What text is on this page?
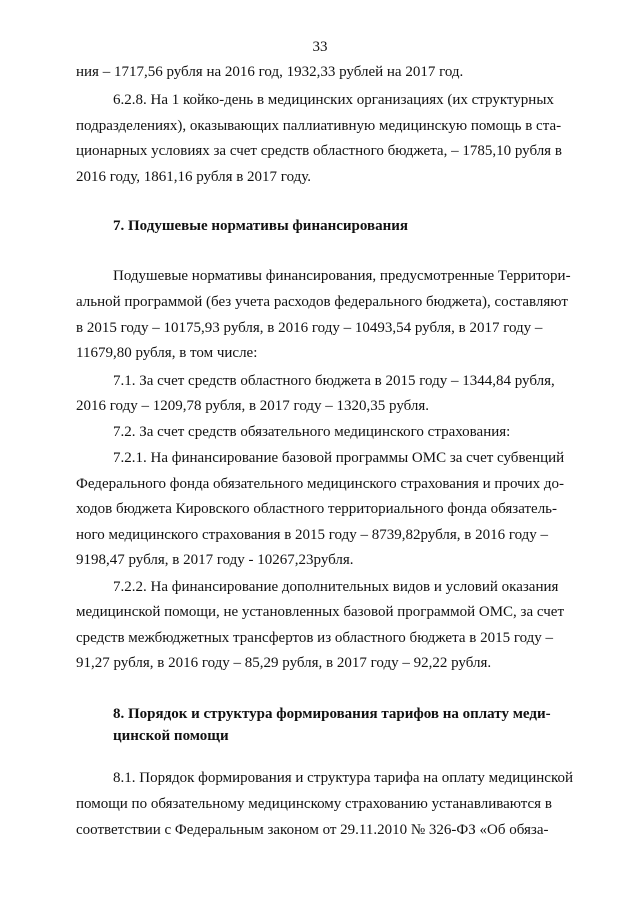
33
ния – 1717,56 рубля на 2016 год, 1932,33 рублей на 2017 год.
6.2.8. На 1 койко-день в медицинских организациях (их структурных
подразделениях), оказывающих паллиативную медицинскую помощь в ста-
ционарных условиях за счет средств областного бюджета, – 1785,10 рубля в
2016 году, 1861,16 рубля в 2017 году.
7. Подушевые нормативы финансирования
Подушевые нормативы финансирования, предусмотренные Территори-
альной программой (без учета расходов федерального бюджета), составляют
в 2015 году – 10175,93 рубля, в 2016 году – 10493,54 рубля, в 2017 году –
11679,80 рубля, в том числе:
7.1. За счет средств областного бюджета в 2015 году – 1344,84 рубля,
2016 году – 1209,78 рубля, в 2017 году – 1320,35 рубля.
7.2. За счет средств обязательного медицинского страхования:
7.2.1. На финансирование базовой программы ОМС за счет субвенций
Федерального фонда обязательного медицинского страхования и прочих до-
ходов бюджета Кировского областного территориального фонда обязатель-
ного медицинского страхования в 2015 году – 8739,82рубля, в 2016 году –
9198,47 рубля, в 2017 году - 10267,23рубля.
7.2.2. На финансирование дополнительных видов и условий оказания
медицинской помощи, не установленных базовой программой ОМС, за счет
средств межбюджетных трансфертов из областного бюджета в 2015 году –
91,27 рубля, в 2016 году – 85,29 рубля, в 2017 году – 92,22 рубля.
8. Порядок и структура формирования тарифов на оплату меди-
цинской помощи
8.1. Порядок формирования и структура тарифа на оплату медицинской
помощи по обязательному медицинскому страхованию устанавливаются в
соответствии с Федеральным законом от 29.11.2010 № 326-ФЗ «Об обяза-
